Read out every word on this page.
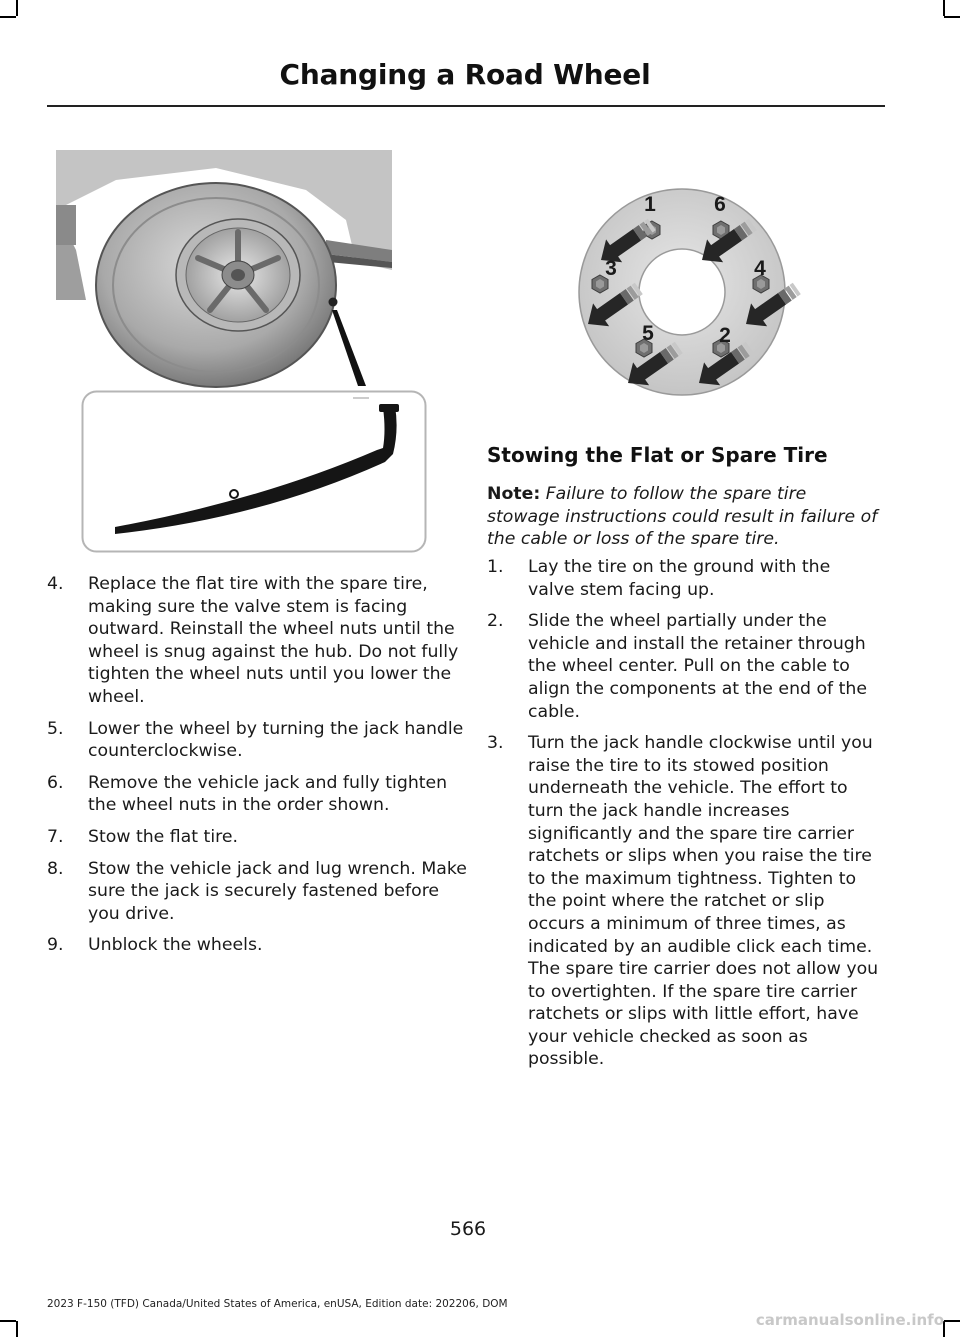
Changing a Road Wheel
1	6
3	4
5	2
4. Replace the flat tire with the spare tire, making sure the valve stem is facing outward. Reinstall the wheel nuts until the wheel is snug against the hub. Do not fully tighten the wheel nuts until you lower the wheel.
5. Lower the wheel by turning the jack handle counterclockwise.
6. Remove the vehicle jack and fully tighten the wheel nuts in the order shown.
7. Stow the flat tire.
8. Stow the vehicle jack and lug wrench. Make sure the jack is securely fastened before you drive.
9. Unblock the wheels.
Stowing the Flat or Spare Tire
Note: Failure to follow the spare tire stowage instructions could result in failure of the cable or loss of the spare tire.
1. Lay the tire on the ground with the valve stem facing up.
2. Slide the wheel partially under the vehicle and install the retainer through the wheel center. Pull on the cable to align the components at the end of the cable.
3. Turn the jack handle clockwise until you raise the tire to its stowed position underneath the vehicle. The effort to turn the jack handle increases significantly and the spare tire carrier ratchets or slips when you raise the tire to the maximum tightness. Tighten to the point where the ratchet or slip occurs a minimum of three times, as indicated by an audible click each time. The spare tire carrier does not allow you to overtighten. If the spare tire carrier ratchets or slips with little effort, have your vehicle checked as soon as possible.
566
2023 F-150 (TFD) Canada/United States of America, enUSA, Edition date: 202206, DOM
carmanualsonline.info
